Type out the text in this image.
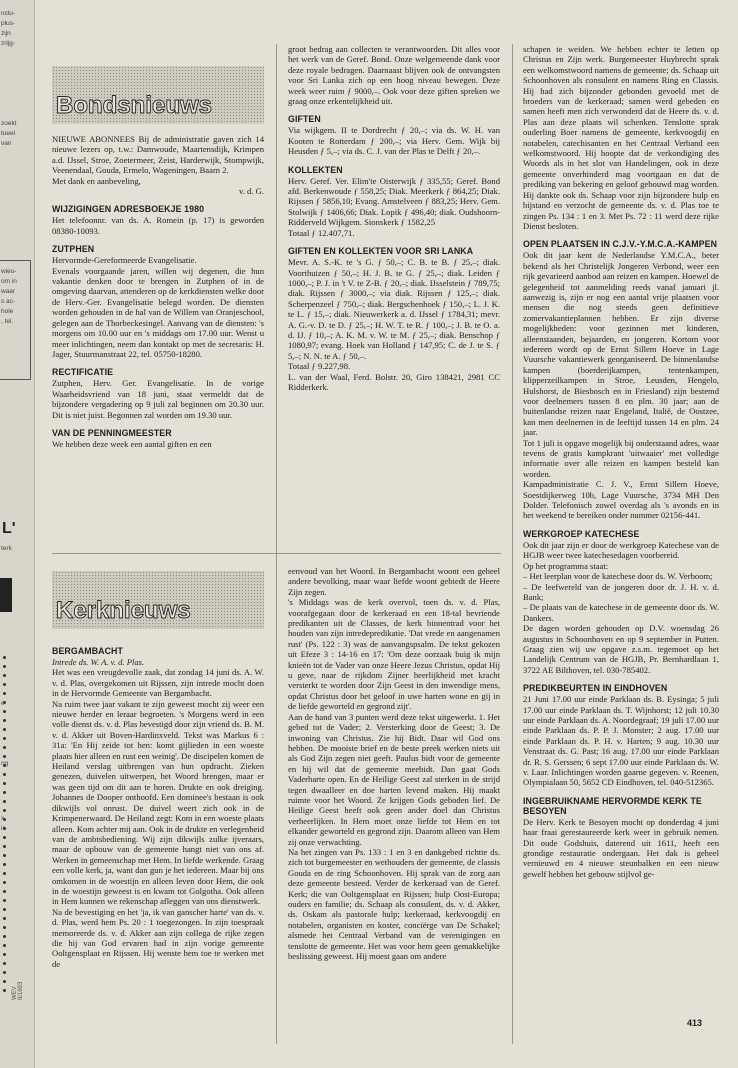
WEV 8/1693
nclu-
plus-
zijn
zrijg-
zoekt
tueel
van
wleu-
om in
waar
s ac-
hole
, tel.
L'
terk
e
ng
x
ir-
Bondsnieuws

NIEUWE ABONNEES Bij de administratie gaven zich 14 nieuwe lezers op, t.w.: Damwoude, Maartensdijk, Krimpen a.d. IJssel, Stroe, Zoetermeer, Zeist, Harderwijk, Stompwijk, Veenendaal, Gouda, Ermelo, Wageningen, Baarn 2.

Met dank en aanbeveling,

v. d. G.

WIJZIGINGEN ADRESBOEKJE 1980

Het telefoonnr. van ds. A. Romein (p. 17) is geworden 08380-10093.

ZUTPHEN

Hervormde-Gereformeerde Evangelisatie.

Evenals voorgaande jaren, willen wij degenen, die hun vakantie denken door te brengen in Zutphen of in de omgeving daarvan, attenderen op de kerkdiensten welke door de Herv.-Ger. Evangelisatie belegd worden. De diensten worden gehouden in de hal van de Willem van Oranjeschool, gelegen aan de Thorbeckesingel. Aanvang van de diensten: 's morgens om 10.00 uur en 's middags om 17.00 uur. Wenst u meer inlichtingen, neem dan kontakt op met de secretaris: H. Jager, Stuurmanstraat 22, tel. 05750-18280.

RECTIFICATIE

Zutphen, Herv. Ger. Evangelisatie. In de vorige Waarheidsvriend van 18 juni, staat vermeldt dat de bijzondere vergadering op 9 juli zal beginnen om 20.30 uur. Dit is niet juist. Begonnen zal worden om 19.30 uur.

VAN DE PENNINGMEESTER

We hebben deze week een aantal giften en een

groot bedrag aan collecten te verantwoorden. Dit alles voor het werk van de Geref. Bond. Onze welgemeende dank voor deze royale bedragen. Daarnaast blijven ook de ontvangsten voor Sri Lanka zich op een hoog niveau bewegen. Deze week weer ruim ƒ 9000,–. Ook voor deze giften spreken we graag onze erkentelijkheid uit.

GIFTEN

Via wijkgem. II te Dordrecht ƒ 20,–; via ds. W. H. van Kooten te Rotterdam ƒ 200,–; via Herv. Gem. Wijk bij Heusden ƒ 5,–; via ds. C. J. van der Plas te Delft ƒ 20,–.

KOLLEKTEN

Herv. Geref. Ver. Elim'te Oisterwijk ƒ 335,55; Geref. Bond afd. Berkenwoude ƒ 558,25; Diak. Meerkerk ƒ 864,25; Diak. Rijssen ƒ 5856,10; Evang. Amstelveen ƒ 883,25; Herv. Gem. Stolwijk ƒ 1406,66; Diak. Lopik ƒ 496,40; diak. Oudshoorn-Ridderveld Wijkgem. Sionskerk ƒ 1582,25

Totaal ƒ 12.407,71.

GIFTEN EN KOLLEKTEN VOOR SRI LANKA

Mevr. A. S.-K. te 's G. ƒ 50,–; C. B. te B. ƒ 25,–; diak. Voorthuizen ƒ 50,–; H. J. B. te G. ƒ 25,–; diak. Leiden ƒ 1000,–; P. J. in 't V. te Z-B. ƒ 20,–; diak. IJsselstein ƒ 789,75; diak. Rijssen ƒ 3000,–; via diak. Rijssen ƒ 125,–; diak. Scherpenzeel ƒ 750,–; diak. Bergschenhoek ƒ 150,–; L. J. K. te L. ƒ 15,–; diak. Nieuwerkerk a. d. IJssel ƒ 1784,31; mevr. A. G.-v. D. te D. ƒ 25,–; H. W. T. te R. ƒ 100,–; J. B. te O. a. d. IJ. ƒ 10,–; A. K. M. v. W. te M. ƒ 25,–; diak. Benschop ƒ 1080,97; evang. Hoek van Holland ƒ 147,95; C. de J. te S. ƒ 5,–; N. N. te A. ƒ 50,–.

Totaal ƒ 9.227,98.

L. van der Waal, Ferd. Bolstr. 20, Giro 138421, 2981 CC Ridderkerk.

Kerknieuws
BERGAMBACHT

Intrede ds. W. A. v. d. Plas.

Het was een vreugdevolle zaak, dat zondag 14 juni ds. A. W. v. d. Plas, overgekomen uit Rijssen, zijn intrede mocht doen in de Hervormde Gemeente van Bergambacht.

Na ruim twee jaar vakant te zijn geweest mocht zij weer een nieuwe herder en leraar begroeten. 's Morgens werd in een volle dienst ds. v. d. Plas bevestigd door zijn vriend ds. B. M. v. d. Akker uit Boven-Hardinxveld. Tekst was Markus 6 : 31a: 'En Hij zeide tot hen: komt gijlieden in een woeste plaats hier alleen en rust een weinig'. De discipelen komen de Heiland verslag uitbrengen van hun opdracht. Zieken genezen, duivelen uitwerpen, het Woord brengen, maar er was geen tijd om dit aan te horen. Drukte en ook dreiging. Johannes de Dooper onthoofd. Een dominee's bestaan is ook dikwijls vol onrust. De duivel weert zich ook in de Krimpenerwaard. De Heiland zegt: Kom in een woeste plaats alleen. Kom achter mij aan. Ook in de drukte en verlegenheid van de ambtsbediening. Wij zijn dikwijls zulke ijveraars, maar de opbouw van de gemeente hangt niet van ons af. Werken in gemeenschap met Hem. In liefde werkende. Graag een volle kerk, ja, want dan gun je het iedereen. Maar bij ons omkomen in de woestijn en alleen leven door Hem, die ook in de woestijn geweest is en kwam tot Golgotha. Ook alleen in Hem kunnen we rekenschap afleggen van ons dienstwerk.

Na de bevestiging en het 'ja, ik van ganscher harte' van ds. v. d. Plas, werd hem Ps. 20 : 1 toegezongen. In zijn toespraak memoreerde ds. v. d. Akker aan zijn collega de rijke zegen die hij van God ervaren had in zijn vorige gemeente Ooltgensplaat en Rijssen. Hij wenste hem toe te werken met de

eenvoud van het Woord. In Bergambacht woont een geheel andere bevolking, maar waar liefde woont gebiedt de Heere Zijn zegen.

's Middags was de kerk overvol, toen ds. v. d. Plas, voorafgegaan door de kerkeraad en een 18-tal bevriende predikanten uit de Classes, de kerk binnentrad voor het houden van zijn intredepredikatie. 'Dat vrede en aangenamen rust' (Ps. 122 : 3) was de aanvangspsalm. De tekst gekozen uit Efeze 3 : 14-16 en 17: 'Om deze oorzaak buig ik mijn knieën tot de Vader van onze Heere Jezus Christus, opdat Hij u geve, naar de rijkdom Zijner heerlijkheid met kracht versterkt te worden door Zijn Geest in den inwendige mens, opdat Christus door het geloof in uwe harten wone en gij in de liefde geworteld en gegrond zijt'.

Aan de hand van 3 punten werd deze tekst uitgewerkt. 1. Het gebed tot de Vader; 2. Versterking door de Geest; 3. De inwoning van Christus. Zie hij Bidt. Daar wil God ons hebben. De mooiste brief en de beste preek werken niets uit als God Zijn zegen niet geeft. Paulus bidt voor de gemeente en hij wil dat de gemeente meebidt. Dan gaat Gods Vaderharte open. En de Heilige Geest zal sterken in de strijd tegen dwaalleer en doe harten levend maken. Hij maakt ruimte voor het Woord. Ze krijgen Gods geboden lief. De Heilige Geest heeft ook geen ander doel dan Christus verheerlijken. In Hem moet onze liefde tot Hem en tot elkander geworteld en gegrond zijn. Daarom alleen van Hem zij onze verwachting.

Na het zingen van Ps. 133 : 1 en 3 en dankgebed richtte ds. zich tot burgemeester en wethouders der gemeente, de classis Gouda en de ring Schoonhoven. Hij sprak van de zorg aan deze gemeente besteed. Verder de kerkeraad van de Geref. Kerk; die van Ooltgensplaat en Rijssen; hulp Oost-Europa; ouders en familie; ds. Schaap als consulent, ds. v. d. Akker, ds. Oskam als pastorale hulp; kerkeraad, kerkvoogdij en notabelen, organisten en koster, conciërge van De Schakel; alsmede het Centraal Verband van de verenigingen en tenslotte de gemeente. Het was voor hem geen gemakkelijke beslissing geweest. Hij moest gaan om andere

schapen te weiden. We hebben echter te letten op Christus en Zijn werk. Burgemeester Huybrecht sprak een welkomstwoord namens de gemeente; ds. Schaap uit Schoonhoven als consulent en namens Ring en Classis. Hij had zich bijzonder gebonden gevoeld met de broeders van de kerkeraad; samen werd gebeden en samen heeft men zich verwonderd dat de Heere ds. v. d. Plas aan deze plaats wil schenken. Tenslotte sprak ouderling Boer namens de gemeente, kerkvoogdij en notabelen, catechisanten en het Centraal Verband een welkomstwoord. Hij hoopte dat de verkondiging des Woords als in het slot van Handelingen, ook in deze gemeente onverhinderd mag voortgaan en dat de prediking van bekering en geloof gebouwd mag worden. Hij dankte ook ds. Schaap voor zijn bijzondere hulp en bijstand en verzocht de gemeente ds. v. d. Plas toe te zingen Ps. 134 : 1 en 3. Met Ps. 72 : 11 werd deze rijke Dienst besloten.

OPEN PLAATSEN IN C.J.V.-Y.M.C.A.-KAMPEN

Ook dit jaar kent de Nederlandse Y.M.C.A., beter bekend als het Christelijk Jongeren Verbond, weer een rijk gevarieerd aanbod aan reizen en kampen. Hoewel de gelegenheid tot aanmelding reeds vanaf januari jl. aanwezig is, zijn er nog een aantal vrije plaatsen voor mensen die nog steeds geen definitieve zomervakantieplannen hebben. Er zijn diverse mogelijkheden: voor gezinnen met kinderen, alleenstaanden, bejaarden, en jongeren. Kortom voor iedereen wordt op de Ernst Sillem Hoeve in Lage Vuursche vakantiewerk georganiseerd. De binnenlandse kampen (boerderijkampen, tentenkampen, klipperzeilkampen in Stroe, Leusden, Hengelo, Hulshorst, de Biesbosch en in Friesland) zijn bestemd voor deelnemers tussen 8 en plm. 30 jaar; aan de buitenlandse reizen naar Engeland, Italië, de Oostzee, kan men deelnemen in de leeftijd tussen 14 en plm. 24 jaar.

Tot 1 juli is opgave mogelijk bij onderstaand adres, waar tevens de gratis kampkrant 'uitwaaier' met volledige informatie over alle reizen en kampen besteld kan worden.

Kampadministratie C. J. V., Ernst Sillem Hoeve, Soestdijkerweg 10b, Lage Vuursche, 3734 MH Den Dolder. Telefonisch zowel overdag als 's avonds en in het weekend te bereiken onder nummer 02156-441.

WERKGROEP KATECHESE

Ook dit jaar zijn er door de werkgroep Katechese van de HGJB weer twee katechesedagen voorbereid.

Op het programma staat:

– Het leerplan voor de katechese door ds. W. Verboom;

– De leefwereld van de jongeren door dr. J. H. v. d. Bank;

– De plaats van de katechese in de gemeente door ds. W. Dankers.

De dagen worden gehouden op D.V. woensdag 26 augustus in Schoonhoven en op 9 september in Putten. Graag zien wij uw opgave z.s.m. tegemoet op het Landelijk Centrum van de HGJB, Pr. Bernhardlaan 1, 3722 AE Bilthoven, tel. 030-785402.

PREDIKBEURTEN IN EINDHOVEN

21 Juni 17.00 uur einde Parklaan ds. B. Eysinga; 5 juli 17.00 uur einde Parklaan ds. T. Wijnhorst; 12 juli 10.30 uur einde Parklaan ds. A. Noordegraaf; 19 juli 17.00 uur einde Parklaan ds. P. P. J. Monster; 2 aug. 17.00 uur einde Parklaan ds. P. H. v. Harten; 9 aug. 10.30 uur Venstraat ds. G. Past; 16 aug. 17.00 uur einde Parklaan dr. R. S. Gerssen; 6 sept 17.00 uur einde Parklaan ds. W. v. Laar. Inlichtingen worden gaarne gegeven. v. Reenen, Olympialaan 50, 5652 CD Eindhoven, tel. 040-512365.

INGEBRUIKNAME HERVORMDE KERK TE BESOYEN

De Herv. Kerk te Besoyen mocht op donderdag 4 juni haar fraai gerestaureerde kerk weer in gebruik nemen. Dit oude Godshuis, daterend uit 1611, heeft een grondige restauratie ondergaan. Het dak is geheel vernieuwd en 4 nieuwe steunbalken en een nieuw gewelf hebben het gebouw stijlvol ge-

413
